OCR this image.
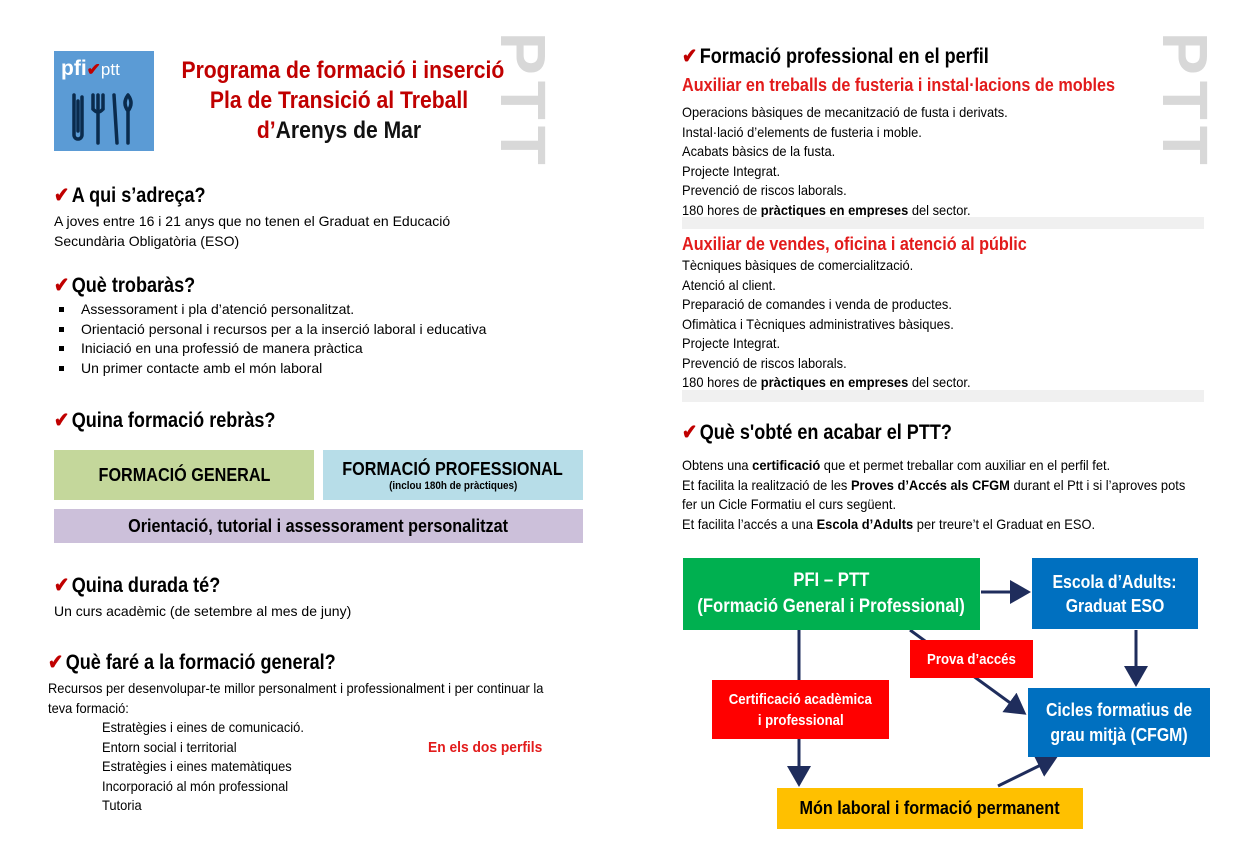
pfi✔ptt	Programa de formació i inserció
Pla de Transició al Treball
d’Arenys de Mar	PTT
✔ A qui s’adreça?
A joves entre 16 i 21 anys que no tenen el Graduat en Educació
Secundària Obligatòria (ESO)
✔ Què trobaràs?
Assessorament i pla d’atenció personalitzat.
Orientació personal i recursos per a la inserció laboral i educativa
Iniciació en una professió de manera pràctica
Un primer contacte amb el món laboral
✔ Quina formació rebràs?
FORMACIÓ GENERAL	FORMACIÓ PROFESSIONAL
(inclou 180h de pràctiques)
Orientació, tutorial i assessorament personalitzat
✔ Quina durada té?
Un curs acadèmic (de setembre al mes de juny)
✔ Què faré a la formació general?
Recursos per desenvolupar-te millor personalment i professionalment i per continuar la
teva formació:
Estratègies i eines de comunicació.
Entorn social i territorial
Estratègies i eines matemàtiques
Incorporació al món professional
Tutoria
En els dos perfils
PTT
✔ Formació professional en el perfil
Auxiliar en treballs de fusteria i instal·lacions de mobles
Operacions bàsiques de mecanització de fusta i derivats.
Instal·lació d’elements de fusteria i moble.
Acabats bàsics de la fusta.
Projecte Integrat.
Prevenció de riscos laborals.
180 hores de pràctiques en empreses del sector.
Auxiliar de vendes, oficina i atenció al públic
Tècniques bàsiques de comercialització.
Atenció al client.
Preparació de comandes i venda de productes.
Ofimàtica i Tècniques administratives bàsiques.
Projecte Integrat.
Prevenció de riscos laborals.
180 hores de pràctiques en empreses del sector.
✔ Què s'obté en acabar el PTT?
Obtens una certificació que et permet treballar com auxiliar en el perfil fet.
Et facilita la realització de les Proves d’Accés als CFGM durant el Ptt i si l’aproves pots
fer un Cicle Formatiu el curs següent.
Et facilita l’accés a una Escola d’Adults per treure’t el Graduat en ESO.
PFI – PTT
(Formació General i Professional)
Escola d’Adults:
Graduat ESO
Prova d’accés
Certificació acadèmica
i professional
Cicles formatius de
grau mitjà (CFGM)
Món laboral i formació permanent
